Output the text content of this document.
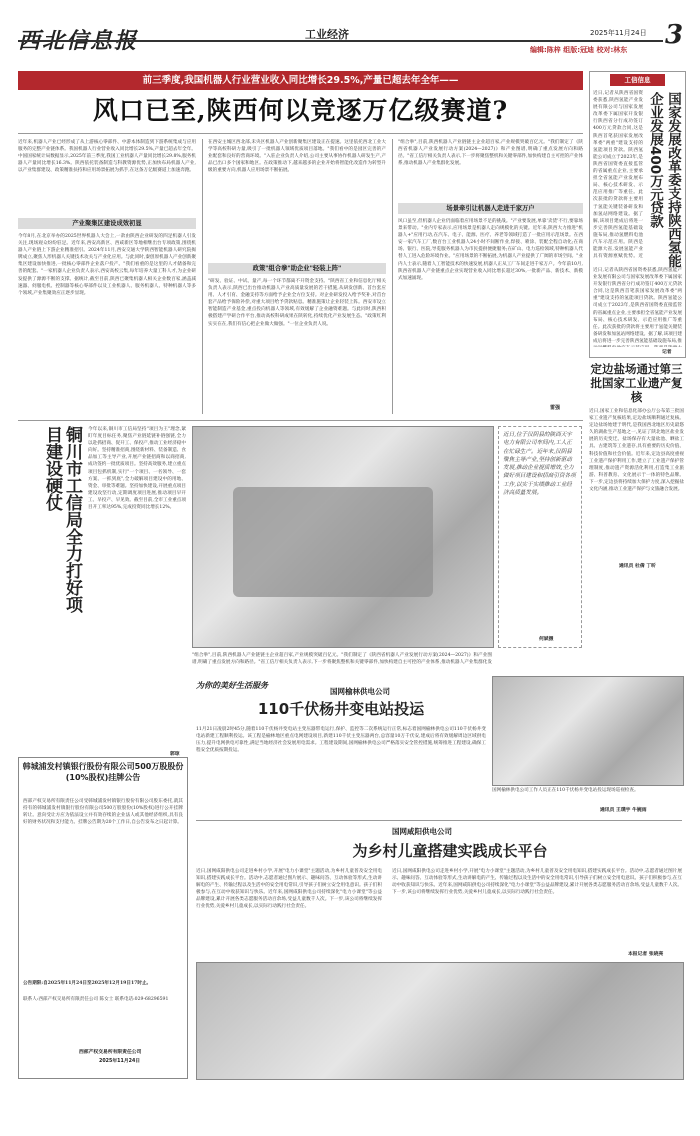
西北信息报	工业经济	2025年11月24日 3
编辑:陈梓 组版:冠迪 校对:林东
前三季度,我国机器人行业营业收入同比增长29.5%,产量已超去年全年——
风口已至,陕西何以竞逐万亿级赛道?
近年来,机器人产业已经形成了从上游核心零部件、中游本体制造到下游系统集成与应用服务的完整产业链体系。我国机器人行业营业收入同比增长29.5%,产量已超去年全年。中国国家统计局数据显示,2025年前三季度,我国工业机器人产量同比增长29.8%,服务机器人产量同比增长16.3%。陕西依托装备制造与科教资源优势,正加快布局机器人产业,以产业集群建设、政策精准扶持和应用场景拓展为抓手,在这条万亿级赛道上加速奔跑。
产业聚集区建设成效初显
今年8月,在北京举办的2025世界机器人大会上,一款由陕西企业研发的四足机器人引发关注,现场观众纷纷驻足。近年来,西安高新区、西咸新区等地相继出台专项政策,围绕机器人产业链上下游企业精准招引。2024年11月,西安交通大学陕西智能机器人研究院揭牌成立,聚焦人形机器人关键技术攻关与产业化应用。与此同时,秦创原机器人产业创新聚集区建设加快推进,一批核心零部件企业落户投产。"我们看重的是这里的人才储备和完善的配套。"一家机器人企业负责人表示,西安高校云集,每年培养大量工科人才,为企业研发提供了源源不断的支撑。据统计,截至目前,陕西已聚集机器人相关企业数百家,涵盖减速器、伺服电机、控制器等核心零部件以及工业机器人、服务机器人、特种机器人等多个领域,产业集聚效应正逐步显现。
在西安主城区西北部,未央区机器人产业创新聚集区建设正在提速。这里依托西北工业大学等高校科研力量,吸引了一批机器人领域优质项目落地。"我们看中的是园区完善的产业配套和良好的营商环境。"入驻企业负责人介绍,公司主要从事协作机器人研发生产,产品已出口多个国家和地区。在政策推动下,越来越多的企业开始将智能化改造作为转型升级的重要方向,机器人应用场景不断拓展。
政策"组合拳"助企业"轻装上阵"
"研发、验证、中试、量产,每一个环节都离不开资金支持。"陕西省工业和信息化厅相关负责人表示,陕西已出台推动机器人产业高质量发展的若干措施,从研发创新、首台套应用、人才引育、金融支持等方面给予企业全方位支持。对企业研发投入给予奖补,对首台套产品给予保险补偿,对重大项目给予贷款贴息。精准施策让企业轻装上阵。西安市设立智能制造产业基金,重点投向机器人等领域,有效缓解了企业融资难题。与此同时,陕西积极搭建产学研合作平台,推动高校科研成果在陕转化,持续优化产业发展生态。"政策红利实实在在,我们有信心把企业做大做强。"一位企业负责人说。
"组合拳",目前,陕西机器人产业链链主企业超百家,产业规模突破百亿元。"我们制定了《陕西省机器人产业发展行动方案(2024—2027)》和产业图谱,明确了重点发展方向和路径。"省工信厅相关负责人表示,下一步将聚焦整机和关键零部件,加快构建自主可控的产业体系,推动机器人产业集群化发展。
场景牵引让机器人走进千家万户
风口虽至,但机器人企业仍面临着应用场景不足的挑战。"产业要发展,单靠'卖货'不行,要靠场景来带动。"业内专家表示,应用场景是机器人走向规模化的关键。近年来,陕西大力推进"机器人+"应用行动,在汽车、电子、能源、医疗、养老等领域打造了一批应用示范场景。在西安一家汽车工厂,数百台工业机器人24小时不间断作业,焊接、喷涂、装配全程自动化;在商场、银行、医院,导览服务机器人为市民提供便捷服务;在矿山、电力巡检领域,特种机器人代替人工进入危险环境作业。"应用场景的不断拓展,为机器人产业提供了广阔的市场空间。"业内人士表示,随着人工智能技术的快速发展,机器人正从工厂车间走进千家万户。今年前10月,陕西省机器人产业链重点企业实现营业收入同比增长超过30%,一批新产品、新技术、新模式加速涌现。
雷强
工信信息
近日,记者从陕西省国资委获悉,陕西氢能产业发展有限公司与国家发展改革委下属国家开发银行陕西省分行成功签订400万元贷款合同,这是陕西首笔获国家发展改革委"两重"建设支持的氢能项目贷款。陕西氢能公司成立于2023年,是陕西省国资委直接监管的省属重点企业,主要承担全省氢能产业发展布局、核心技术研发、示范应用推广等重任。此次获批的贷款将主要用于氢能关键装备研发和加氢站网络建设。据了解,该项目建成后将进一步完善陕西氢能基础设施布局,推动氢燃料电池汽车示范应用。陕西是能源大省,发展氢能产业具有资源禀赋优势。近	国家发展改革委支持陕西氢能企业发展400万元贷款
近日,记者从陕西省国资委获悉,陕西氢能产业发展有限公司与国家发展改革委下属国家开发银行陕西省分行成功签订400万元贷款合同,这是陕西首笔获国家发展改革委"两重"建设支持的氢能项目贷款。陕西氢能公司成立于2023年,是陕西省国资委直接监管的省属重点企业,主要承担全省氢能产业发展布局、核心技术研发、示范应用推广等重任。此次获批的贷款将主要用于氢能关键装备研发和加氢站网络建设。据了解,该项目建成后将进一步完善陕西氢能基础设施布局,推
记者
定边盐场通过第三批国家工业遗产复核
近日,国家工业和信息化部办公厅公布第三批国家工业遗产复核结果,定边盐场顺利通过复核。定边盐场始建于明代,是我国西北地区历史最悠久的湖盐生产基地之一,见证了陕北地区盐业发展的历史变迁。盐场保存有大量盐池、晒盐工具、古建筑等工业遗存,具有重要的历史价值、科技价值和社会价值。近年来,定边县高度重视工业遗产保护利用工作,建立了工业遗产保护管理制度,推动遗产资源活化利用,打造集工业旅游、科普教育、文化展示于一体的特色品牌。下一步,定边县将持续加大保护力度,深入挖掘盐文化内涵,推动工业遗产保护与文旅融合发展。
通讯员 杜倩 丁昕
铜川市工信局全力打好项目建设硬仗	今年以来,铜川市工信局坚持"项目为王"理念,紧盯年度目标任务,聚焦产业链延链补链强链,全力以赴抓招商、促开工、保投产,推动工业经济稳中向好。坚持精准招商,围绕新材料、装备制造、食品加工等主导产业,开展产业链招商和以商招商,成功签约一批优质项目。坚持高效服务,建立重点项目包抓机制,实行"一个项目、一名领导、一套方案、一抓到底",全力破解项目建设中的用地、资金、审批等难题。坚持加快建设,开展重点项目建设攻坚行动,定期调度项目进展,推动项目早开工、早投产、早见效。截至目前,全市工业重点项目开工率达95%,完成投资同比增长12%。
郭琼
"组合拳",目前,陕西机器人产业链链主企业超百家,产业规模突破百亿元。"我们制定了《陕西省机器人产业发展行动方案(2024—2027)》和产业图谱,明确了重点发展方向和路径。"省工信厅相关负责人表示,下一步将聚焦整机和关键零部件,加快构建自主可控的产业体系,推动机器人产业集群化发
近日,位于汉阴县的陕西天宇电力有限公司车间内,工人正在忙碌生产。近年来,汉阴县聚焦主导产业,坚持创新驱动发展,推动企业提质增效,全力做好项目建设和招商引资各项工作,以实干实绩推动工业经济高质量发展。
何斌摄
韩城浦发村镇银行股份有限公司500万股股份(10%股权)挂牌公告
西部产权交易所有限责任公司受韩城浦发村镇银行股份有限公司股东委托,就其持有的韩城浦发村镇银行股份有限公司500万股股份(10%股权)进行公开挂牌转让。意向受让方应为依法设立并有效存续的企业法人或其他经济组织,具有良好的财务状况和支付能力。挂牌公告期为20个工作日,自公告发布之日起计算。
公告期限:自2025年11月24日至2025年12月19日17时止。
联系人:西部产权交易所有限责任公司 陈女士 联系电话:029-68296591
西部产权交易所有限责任公司
2025年11月24日
为你的美好生活服务
国网榆林供电公司
110千伏杨井变电站投运
11月21日凌晨2时45分,随着110千伏杨井变电站主变压器带电运行,保护、监控等二次系统运行正常,标志着国网榆林供电公司110千伏杨井变电站新建工程顺利投运。该工程是榆林地区重点电网建设项目,新建110千伏主变压器两台,总容量10万千伏安,建成后将有效缓解周边区域供电压力,提升电网供电可靠性,满足当地经济社会发展用电需求。工程建设期间,国网榆林供电公司严格落实安全管控措施,统筹推进工程建设,确保工程安全优质按期投运。
国网榆林供电公司工作人员正在110千伏杨井变电站投运现场巡视检查。
通讯员 王璞宇 牛婉雨
国网咸阳供电公司
为乡村儿童搭建实践成长平台
近日,国网咸阳供电公司走进乡村小学,开展"电力小课堂"主题活动,为乡村儿童普及安全用电知识,搭建实践成长平台。活动中,志愿者通过图片展示、趣味问答、互动体验等形式,生动讲解电的产生、传输过程以及生活中的安全用电常识,引导孩子们树立安全用电意识。孩子们积极参与,在互动中收获知识与快乐。近年来,国网咸阳供电公司持续深化"电力小课堂"等公益品牌建设,累计开展各类志愿服务活动百余场,受益儿童数千人次。下一步,该公司将继续发挥行业优势,关爱乡村儿童成长,以实际行动践行社会责任。
近日,国网咸阳供电公司走进乡村小学,开展"电力小课堂"主题活动,为乡村儿童普及安全用电知识,搭建实践成长平台。活动中,志愿者通过图片展示、趣味问答、互动体验等形式,生动讲解电的产生、传输过程以及生活中的安全用电常识,引导孩子们树立安全用电意识。孩子们积极参与,在互动中收获知识与快乐。近年来,国网咸阳供电公司持续深化"电力小课堂"等公益品牌建设,累计开展各类志愿服务活动百余场,受益儿童数千人次。下一步,该公司将继续发挥行业优势,关爱乡村儿童成长,以实际行动践行社会责任。
本报记者 张晓亮
